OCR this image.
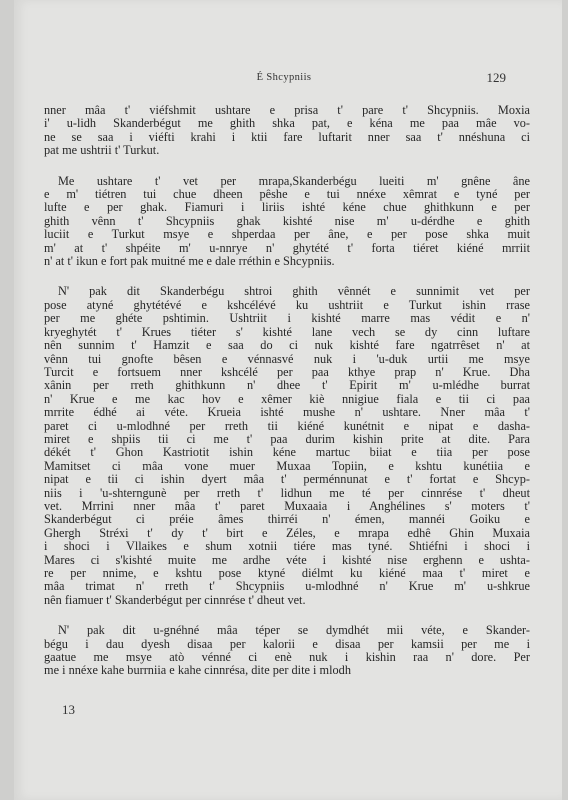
É Shcypniis	129
nner mâa t' viéfshmit ushtare e prisa t' pare t' Shcypniis. Moxia
i' u-lidh Skanderbégut me ghith shka pat, e kéna me paa mâe vo-
ne se saa i viéfti krahi i ktii fare luftarit nner saa t' nnéshuna ci
pat me ushtrii t' Turkut.
Me ushtare t' vet per mrapa,Skanderbégu lueiti m' gnêne âne
e m' tiétren tui chue dheen pêshe e tui nnéxe xêmrat e tyné per
lufte e per ghak. Fiamuri i liriis ishté kéne chue ghithkunn e per
ghith vênn t' Shcypniis ghak kishté nise m' u-dérdhe e ghith
luciit e Turkut msye e shperdaa per âne, e per pose shka muit
m' at t' shpéite m' u-nnrye n' ghytété t' forta tiéret kiéné mrriit
n' at t' ikun e fort pak muitné me e dale rréthin e Shcypniis.
N' pak dit Skanderbégu shtroi ghith vênnét e sunnimit vet per
pose atyné ghytétévé e kshcélévé ku ushtriit e Turkut ishin rrase
per me ghéte pshtimin. Ushtriit i kishté marre mas védit e n'
kryeghytét t' Krues tiéter s' kishté lane vech se dy cinn luftare
nên sunnim t' Hamzit e saa do ci nuk kishté fare ngatrrêset n' at
vênn tui gnofte bêsen e vénnasvé nuk i 'u-duk urtii me msye
Turcit e fortsuem nner kshcélé per paa kthye prap n' Krue. Dha
xânin per rreth ghithkunn n' dhee t' Epirit m' u-mlédhe burrat
n' Krue e me kac hov e xêmer kiè nnigiue fiala e tii ci paa
mrrite édhé ai véte. Krueia ishté mushe n' ushtare. Nner mâa t'
paret ci u-mlodhné per rreth tii kiéné kunétnit e nipat e dasha-
miret e shpiis tii ci me t' paa durim kishin prite at dite. Para
dékét t' Ghon Kastriotit ishin kéne martuc biiat e tiia per pose
Mamitset ci mâa vone muer Muxaa Topiin, e kshtu kunétiia e
nipat e tii ci ishin dyert mâa t' perménnunat e t' fortat e Shcyp-
niis i 'u-shterngunè per rreth t' lidhun me té per cinnrése t' dheut
vet. Mrrini nner mâa t' paret Muxaaia i Anghélines s' moters t'
Skanderbégut ci préie âmes thirréi n' émen, mannéi Goiku e
Ghergh Stréxi t' dy t' birt e Zéles, e mrapa edhê Ghin Muxaia
i shoci i Vllaikes e shum xotnii tiére mas tyné. Shtiéfni i shoci i
Mares ci s'kishté muite me ardhe véte i kishté nise erghenn e ushta-
re per nnime, e kshtu pose ktyné diélmt ku kiéné maa t' miret e
mâa trimat n' rreth t' Shcypniis u-mlodhné n' Krue m' u-shkrue
nên fiamuer t' Skanderbégut per cinnrése t' dheut vet.
N' pak dit u-gnéhné mâa téper se dymdhét mii véte, e Skander-
bégu i dau dyesh disaa per kalorii e disaa per kamsii per me i
gaatue me msye atò vénné ci enè nuk i kishin raa n' dore. Per
me i nnéxe kahe burrniia e kahe cinnrésa, dite per dite i mlodh
13
